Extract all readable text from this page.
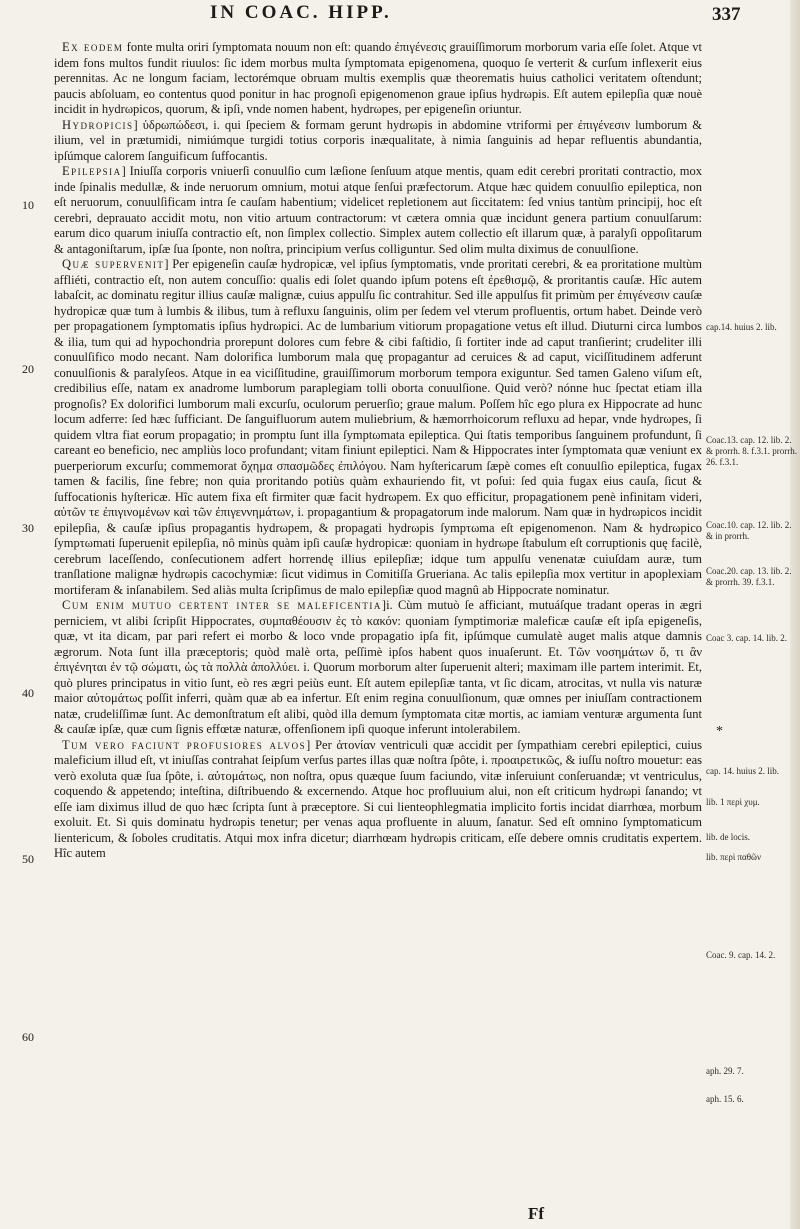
IN COAC. HIPP.	337
10
20
30
40
50
60

Ex eodem fonte multa oriri ſymptomata nouum non eſt: quando ἐπιγένεσις grauiſſimorum morborum varia eſſe ſolet. Atque vt idem fons multos fundit riuulos: ſic idem morbus multa ſymptomata epigenomena, quoquo ſe verterit & curſum inflexerit eius perennitas. Ac ne longum faciam, lectorémque obruam multis exemplis quæ theorematis huius catholici veritatem oſtendunt; paucis abſoluam, eo contentus quod ponitur in hac prognoſi epigenomenon graue ipſius hydrωpis. Eſt autem epilepſia quæ nouè incidit in hydrωpicos, quorum, & ipſi, vnde nomen habent, hydrωpes, per epigeneſin oriuntur.

Hydropicis] ὑδρωπώδεσι, i. qui ſpeciem & formam gerunt hydrωpis in abdomine vtriformi per ἐπιγένεσιν lumborum & ilium, vel in prætumidi, nimiúmque turgidi totius corporis inæqualitate, à nimia ſanguinis ad hepar refluentis abundantia, ipſúmque calorem ſanguificum ſuffocantis.

Epilepsia] Iniuſſa corporis vniuerſi conuulſio cum læſione ſenſuum atque mentis, quam edit cerebri proritati contractio, mox inde ſpinalis medullæ, & inde neruorum omnium, motui atque ſenſui præfectorum. Atque hæc quidem conuulſio epileptica, non eſt neruorum, conuulſificam intra ſe cauſam habentium; videlicet repletionem aut ſiccitatem: ſed vnius tantùm principij, hoc eſt cerebri, deprauato accidit motu, non vitio artuum contractorum: vt cætera omnia quæ incidunt genera partium conuulſarum: earum dico quarum iniuſſa contractio eſt, non ſimplex collectio. Simplex autem collectio eſt illarum quæ, à paralyſi oppoſitarum & antagoniſtarum, ipſæ ſua ſponte, non noſtra, principium verſus colliguntur. Sed olim multa diximus de conuulſione.

Quæ supervenit] Per epigeneſin cauſæ hydropicæ, vel ipſius ſymptomatis, vnde proritati cerebri, & ea proritatione multùm affliéti, contractio eſt, non autem concuſſio: qualis edi ſolet quando ipſum potens eſt ἐρεθισμῷ, & proritantis cauſæ. Hîc autem labaſcit, ac dominatu regitur illius cauſæ malignæ, cuius appulſu ſic contrahitur. Sed ille appulſus fit primùm per ἐπιγένεσιν cauſæ hydropicæ quæ tum à lumbis & ilibus, tum à refluxu ſanguinis, olim per ſedem vel vterum profluentis, ortum habet. Deinde verò per propagationem ſymptomatis ipſius hydrωpici. Ac de lumbarium vitiorum propagatione vetus eſt illud. Diuturni circa lumbos & ilia, tum qui ad hypochondria prorepunt dolores cum febre & cibi faſtidio, ſi fortiter inde ad caput tranſierint; crudeliter illi conuulſifico modo necant. Nam dolorifica lumborum mala quę propagantur ad ceruices & ad caput, viciſſitudinem adferunt conuulſionis & paralyſeos. Atque in ea viciſſitudine, grauiſſimorum morborum tempora exiguntur. Sed tamen Galeno viſum eſt, credibilius eſſe, natam ex anadrome lumborum paraplegiam tolli oborta conuulſione. Quid verò? nónne huc ſpectat etiam illa prognoſis? Ex dolorifici lumborum mali excurſu, oculorum peruerſio; graue malum. Poſſem hîc ego plura ex Hippocrate ad hunc locum adferre: ſed hæc ſufficiant. De ſanguifluorum autem muliebrium, & hæmorrhoicorum refluxu ad hepar, vnde hydrωpes, ſi quidem vltra fiat eorum propagatio; in promptu ſunt illa ſymptωmata epileptica. Qui ſtatis temporibus ſanguinem profundunt, ſi careant eo beneficio, nec ampliùs loco profundant; vitam finiunt epileptici. Nam & Hippocrates inter ſymptomata quæ veniunt ex puerperiorum excurſu; commemorat ὄχημα σπασμῶδες ἐπιλόγου. Nam hyſtericarum ſæpè comes eſt conuulſio epileptica, fugax tamen & facilis, ſine febre; non quia proritando potiùs quàm exhauriendo fit, vt poſui: ſed quia fugax eius cauſa, ſicut & ſuffocationis hyſtericæ. Hîc autem fixa eſt firmiter quæ facit hydrωpem. Ex quo efficitur, propagationem penè infinitam videri, αὐτῶν τε ἐπιγινομένων καὶ τῶν ἐπιγεννημάτων, i. propagantium & propagatorum inde malorum. Nam quæ in hydrωpicos incidit epilepſia, & cauſæ ipſius propagantis hydrωpem, & propagati hydrωpis ſympτωma eſt epigenomenon. Nam & hydrωpico ſympτωmati ſuperuenit epilepſia, nô minùs quàm ipſi cauſæ hydropicæ: quoniam in hydrωpe ſtabulum eſt corruptionis quę facilè, cerebrum laceſſendo, conſecutionem adfert horrendę illius epilepſiæ; idque tum appulſu venenatæ cuiuſdam auræ, tum tranſlatione malignæ hydrωpis cacochymiæ: ſicut vidimus in Comitiſſa Grueriana. Ac talis epilepſia mox vertitur in apoplexiam mortiferam & inſanabilem. Sed aliàs multa ſcripſimus de malo epilepſiæ quod magnû ab Hippocrate nominatur.

Cum enim mutuo certent inter se maleficentia]i. Cùm mutuò ſe afficiant, mutuáſque tradant operas in ægri perniciem, vt alibi ſcripſit Hippocrates, συμπαθέουσιν ἐς τὸ κακόν: quoniam ſymptimoriæ maleficæ cauſæ eſt ipſa epigeneſis, quæ, vt ita dicam, par pari refert ei morbo & loco vnde propagatio ipſa fit, ipſúmque cumulatè auget malis atque damnis ægrorum. Nota ſunt illa præceptoris; quòd malè orta, peſſimè ipſos habent quos inuaſerunt. Et. Τῶν νοσημάτων ὅ, τι ἂν ἐπιγένηται ἐν τῷ σώματι, ὡς τὰ πολλὰ ἀπολλύει. i. Quorum morborum alter ſuperuenit alteri; maximam ille partem interimit. Et, quò plures principatus in vitio ſunt, eò res ægri peiùs eunt. Eſt autem epilepſiæ tanta, vt ſic dicam, atrocitas, vt nulla vis naturæ maior αὐτομάτως poſſit inferri, quàm quæ ab ea infertur. Eſt enim regina conuulſionum, quæ omnes per iniuſſam contractionem natæ, crudeliſſimæ ſunt. Ac demonſtratum eſt alibi, quòd illa demum ſymptomata citæ mortis, ac iamiam venturæ argumenta ſunt & cauſæ ipſæ, quæ cum ſignis effœtæ naturæ, offenſionem ipſi quoque inferunt intolerabilem.

Tum vero faciunt profusiores alvos] Per ἀτονίαν ventriculi quæ accidit per ſympathiam cerebri epileptici, cuius maleficium illud eſt, vt iniuſſas contrahat ſeipſum verſus partes illas quæ noſtra ſpôte, i. προαιρετικῶς, & iuſſu noſtro mouetur: eas verò exoluta quæ ſua ſpôte, i. αὐτομάτως, non noſtra, opus quæque ſuum faciundo, vitæ inſeruiunt conſeruandæ; vt ventriculus, coquendo & appetendo; inteſtina, diſtribuendo & excernendo. Atque hoc profluuium alui, non eſt criticum hydrωpi ſanando; vt eſſe iam diximus illud de quo hæc ſcripta ſunt à præceptore. Si cui lienteophlegmatia implicito fortis incidat diarrhœa, morbum exoluit. Et. Si quis dominatu hydrωpis tenetur; per venas aqua profluente in aluum, ſanatur. Sed eſt omnino ſymptomaticum lientericum, & ſoboles cruditatis. Atqui mox infra dicetur; diarrhœam hydrωpis criticam, eſſe debere omnis cruditatis expertem. Hîc autem

cap.14. huius 2. lib.
Coac.13. cap. 12. lib. 2. & prorrh. 8. f.3.1. prorrh. 26. f.3.1.
Coac.10. cap. 12. lib. 2. & in prorrh.
Coac.20. cap. 13. lib. 2. & prorrh. 39. f.3.1.
Coac 3. cap. 14. lib. 2.
*
cap. 14. huius 2. lib.
lib. 1 περὶ χυμ.
lib. de locis.
lib. περὶ παθῶν
Coac. 9. cap. 14. 2.
aph. 29. 7.
aph. 15. 6.
Ff
